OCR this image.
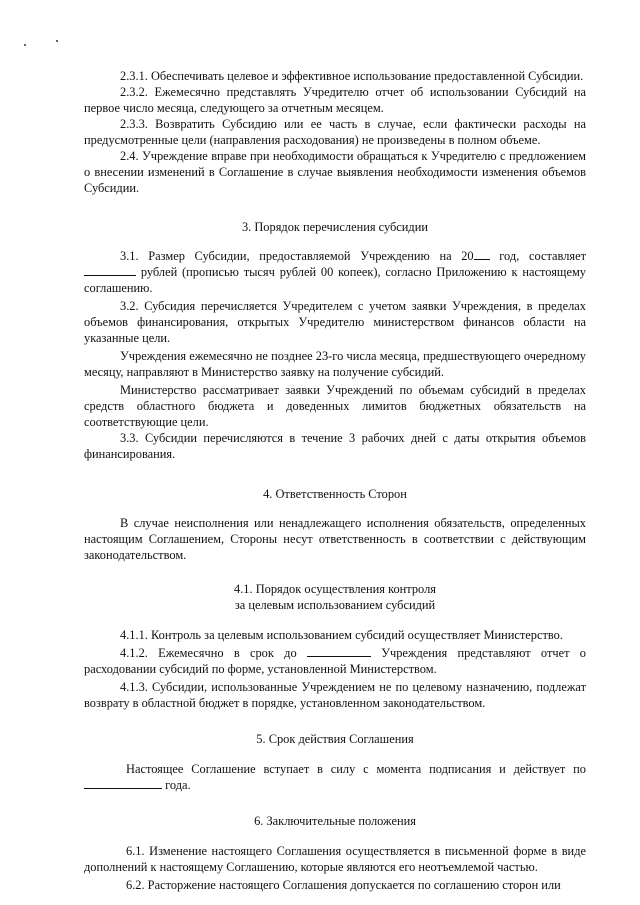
2.3.1. Обеспечивать целевое и эффективное использование предоставленной Субсидии.

2.3.2. Ежемесячно представлять Учредителю отчет об использовании Субсидий на первое число месяца, следующего за отчетным месяцем.

2.3.3. Возвратить Субсидию или ее часть в случае, если фактически расходы на предусмотренные цели (направления расходования) не произведены в полном объеме.

2.4. Учреждение вправе при необходимости обращаться к Учредителю с предложением о внесении изменений в Соглашение в случае выявления необходимости изменения объемов Субсидии.

3. Порядок перечисления субсидии

3.1. Размер Субсидии, предоставляемой Учреждению на 20 год, составляет  рублей (прописью тысяч рублей 00 копеек), согласно Приложению к настоящему соглашению.

3.2. Субсидия перечисляется Учредителем с учетом заявки Учреждения, в пределах объемов финансирования, открытых Учредителю министерством финансов области на указанные цели.

Учреждения ежемесячно не позднее 23-го числа месяца, предшествующего очередному месяцу, направляют в Министерство заявку на получение субсидий.

Министерство рассматривает заявки Учреждений по объемам субсидий в пределах средств областного бюджета и доведенных лимитов бюджетных обязательств на соответствующие цели.

3.3. Субсидии перечисляются в течение 3 рабочих дней с даты открытия объемов финансирования.

4. Ответственность Сторон

В случае неисполнения или ненадлежащего исполнения обязательств, определенных настоящим Соглашением, Стороны несут ответственность в соответствии с действующим законодательством.

4.1. Порядок осуществления контроля
за целевым использованием субсидий

4.1.1. Контроль за целевым использованием субсидий осуществляет Министерство.

4.1.2. Ежемесячно в срок до	Учреждения представляют отчет о расходовании субсидий по форме, установленной Министерством.

4.1.3. Субсидии, использованные Учреждением не по целевому назначению, подлежат возврату в областной бюджет в порядке, установленном законодательством.

5. Срок действия Соглашения

Настоящее Соглашение вступает в силу с момента подписания и действует по  года.

6. Заключительные положения

6.1. Изменение настоящего Соглашения осуществляется в письменной форме в виде дополнений к настоящему Соглашению, которые являются его неотъемлемой частью.

6.2. Расторжение настоящего Соглашения допускается по соглашению сторон или
